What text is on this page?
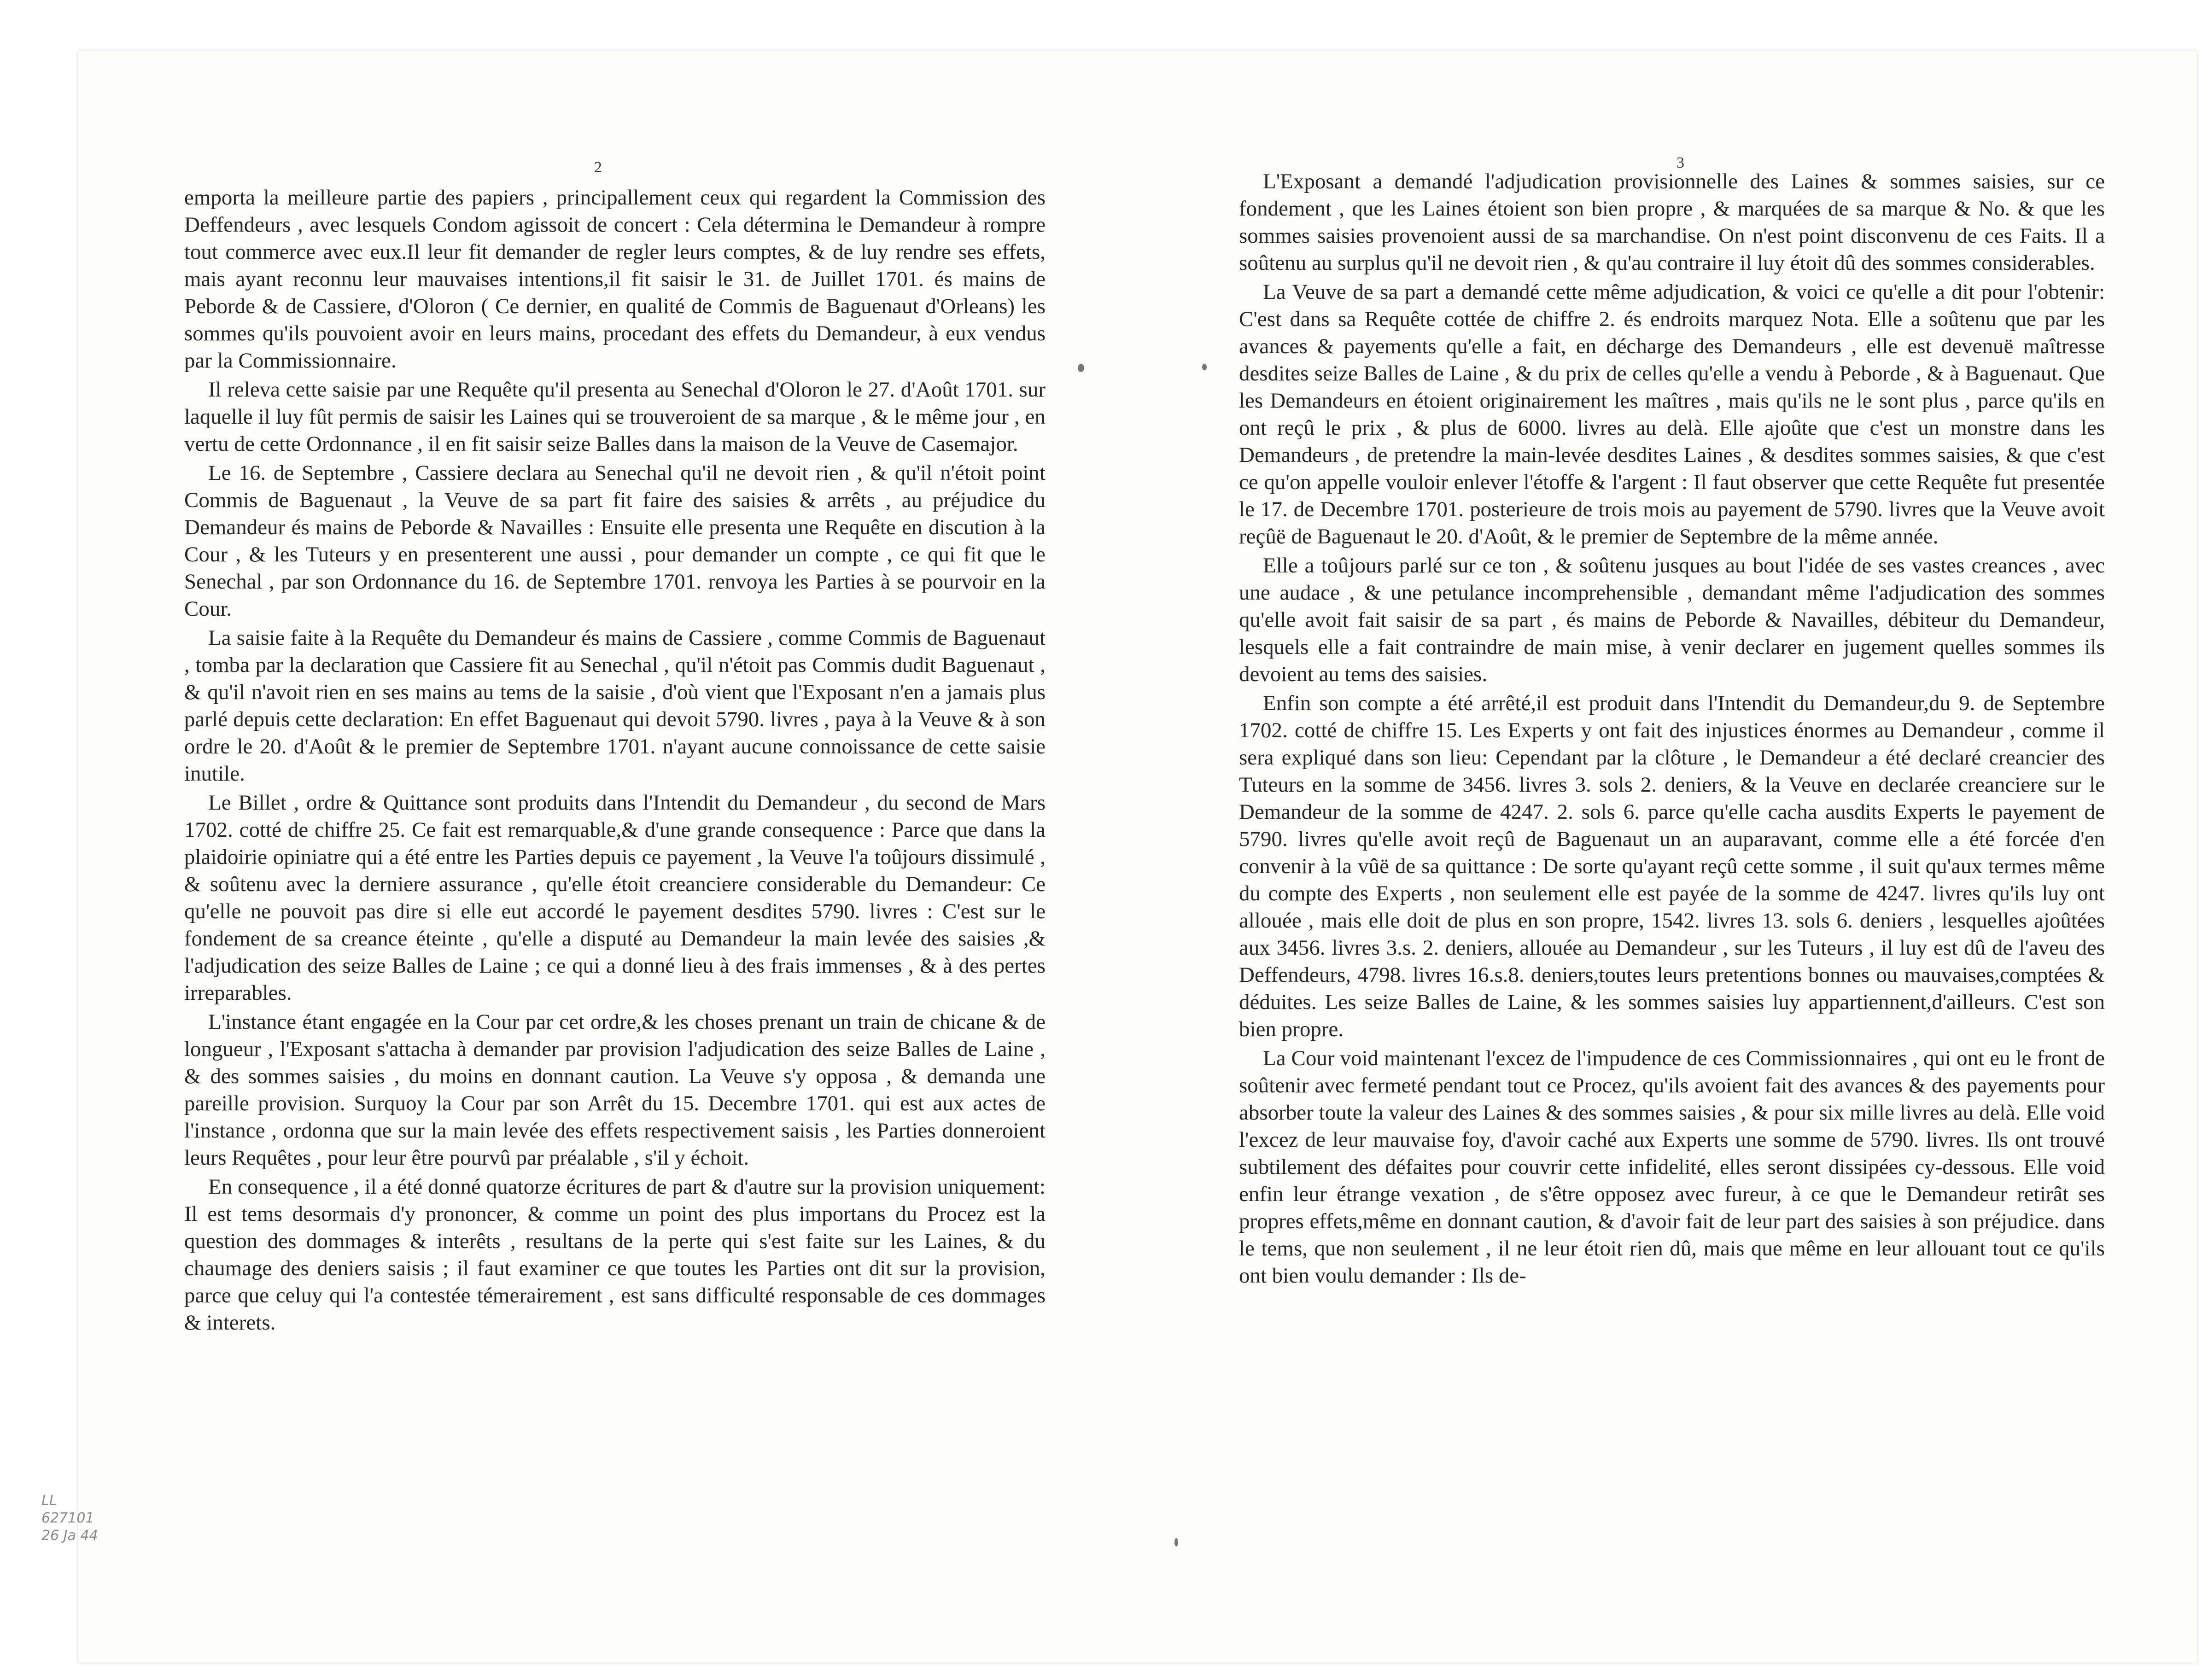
2

emporta la meilleure partie des papiers , principallement ceux qui regardent la Commission des Deffendeurs , avec lesquels Condom agissoit de concert : Cela détermina le Demandeur à rompre tout commerce avec eux.Il leur fit demander de regler leurs comptes, & de luy rendre ses effets, mais ayant reconnu leur mauvaises intentions,il fit saisir le 31. de Juillet 1701. és mains de Peborde & de Cassiere, d'Oloron ( Ce dernier, en qualité de Commis de Baguenaut d'Orleans) les sommes qu'ils pouvoient avoir en leurs mains, procedant des effets du Demandeur, à eux vendus par la Commissionnaire.

Il releva cette saisie par une Requête qu'il presenta au Senechal d'Oloron le 27. d'Août 1701. sur laquelle il luy fût permis de saisir les Laines qui se trouveroient de sa marque , & le même jour , en vertu de cette Ordonnance , il en fit saisir seize Balles dans la maison de la Veuve de Casemajor.

Le 16. de Septembre , Cassiere declara au Senechal qu'il ne devoit rien , & qu'il n'étoit point Commis de Baguenaut , la Veuve de sa part fit faire des saisies & arrêts , au préjudice du Demandeur és mains de Peborde & Navailles : Ensuite elle presenta une Requête en discution à la Cour , & les Tuteurs y en presenterent une aussi , pour demander un compte , ce qui fit que le Senechal , par son Ordonnance du 16. de Septembre 1701. renvoya les Parties à se pourvoir en la Cour.

La saisie faite à la Requête du Demandeur és mains de Cassiere , comme Commis de Baguenaut , tomba par la declaration que Cassiere fit au Senechal , qu'il n'étoit pas Commis dudit Baguenaut , & qu'il n'avoit rien en ses mains au tems de la saisie , d'où vient que l'Exposant n'en a jamais plus parlé depuis cette declaration: En effet Baguenaut qui devoit 5790. livres , paya à la Veuve & à son ordre le 20. d'Août & le premier de Septembre 1701. n'ayant aucune connoissance de cette saisie inutile.

Le Billet , ordre & Quittance sont produits dans l'Intendit du Demandeur , du second de Mars 1702. cotté de chiffre 25. Ce fait est remarquable,& d'une grande consequence : Parce que dans la plaidoirie opiniatre qui a été entre les Parties depuis ce payement , la Veuve l'a toûjours dissimulé , & soûtenu avec la derniere assurance , qu'elle étoit creanciere considerable du Demandeur: Ce qu'elle ne pouvoit pas dire si elle eut accordé le payement desdites 5790. livres : C'est sur le fondement de sa creance éteinte , qu'elle a disputé au Demandeur la main levée des saisies ,& l'adjudication des seize Balles de Laine ; ce qui a donné lieu à des frais immenses , & à des pertes irreparables.

L'instance étant engagée en la Cour par cet ordre,& les choses prenant un train de chicane & de longueur , l'Exposant s'attacha à demander par provision l'adjudication des seize Balles de Laine , & des sommes saisies , du moins en donnant caution. La Veuve s'y opposa , & demanda une pareille provision. Surquoy la Cour par son Arrêt du 15. Decembre 1701. qui est aux actes de l'instance , ordonna que sur la main levée des effets respectivement saisis , les Parties donneroient leurs Requêtes , pour leur être pourvû par préalable , s'il y échoit.

En consequence , il a été donné quatorze écritures de part & d'autre sur la provision uniquement: Il est tems desormais d'y prononcer, & comme un point des plus importans du Procez est la question des dommages & interêts , resultans de la perte qui s'est faite sur les Laines, & du chaumage des deniers saisis ; il faut examiner ce que toutes les Parties ont dit sur la provision, parce que celuy qui l'a contestée témerairement , est sans difficulté responsable de ces dommages & interets.

3

L'Exposant a demandé l'adjudication provisionnelle des Laines & sommes saisies, sur ce fondement , que les Laines étoient son bien propre , & marquées de sa marque & No. & que les sommes saisies provenoient aussi de sa marchandise. On n'est point disconvenu de ces Faits. Il a soûtenu au surplus qu'il ne devoit rien , & qu'au contraire il luy étoit dû des sommes considerables.

La Veuve de sa part a demandé cette même adjudication, & voici ce qu'elle a dit pour l'obtenir: C'est dans sa Requête cottée de chiffre 2. és endroits marquez Nota. Elle a soûtenu que par les avances & payements qu'elle a fait, en décharge des Demandeurs , elle est devenuë maîtresse desdites seize Balles de Laine , & du prix de celles qu'elle a vendu à Peborde , & à Baguenaut. Que les Demandeurs en étoient originairement les maîtres , mais qu'ils ne le sont plus , parce qu'ils en ont reçû le prix , & plus de 6000. livres au delà. Elle ajoûte que c'est un monstre dans les Demandeurs , de pretendre la main-levée desdites Laines , & desdites sommes saisies, & que c'est ce qu'on appelle vouloir enlever l'étoffe & l'argent : Il faut observer que cette Requête fut presentée le 17. de Decembre 1701. posterieure de trois mois au payement de 5790. livres que la Veuve avoit reçûë de Baguenaut le 20. d'Août, & le premier de Septembre de la même année.

Elle a toûjours parlé sur ce ton , & soûtenu jusques au bout l'idée de ses vastes creances , avec une audace , & une petulance incomprehensible , demandant même l'adjudication des sommes qu'elle avoit fait saisir de sa part , és mains de Peborde & Navailles, débiteur du Demandeur, lesquels elle a fait contraindre de main mise, à venir declarer en jugement quelles sommes ils devoient au tems des saisies.

Enfin son compte a été arrêté,il est produit dans l'Intendit du Demandeur,du 9. de Septembre 1702. cotté de chiffre 15. Les Experts y ont fait des injustices énormes au Demandeur , comme il sera expliqué dans son lieu: Cependant par la clôture , le Demandeur a été declaré creancier des Tuteurs en la somme de 3456. livres 3. sols 2. deniers, & la Veuve en declarée creanciere sur le Demandeur de la somme de 4247. 2. sols 6. parce qu'elle cacha ausdits Experts le payement de 5790. livres qu'elle avoit reçû de Baguenaut un an auparavant, comme elle a été forcée d'en convenir à la vûë de sa quittance : De sorte qu'ayant reçû cette somme , il suit qu'aux termes même du compte des Experts , non seulement elle est payée de la somme de 4247. livres qu'ils luy ont allouée , mais elle doit de plus en son propre, 1542. livres 13. sols 6. deniers , lesquelles ajoûtées aux 3456. livres 3.s. 2. deniers, allouée au Demandeur , sur les Tuteurs , il luy est dû de l'aveu des Deffendeurs, 4798. livres 16.s.8. deniers,toutes leurs pretentions bonnes ou mauvaises,comptées & déduites. Les seize Balles de Laine, & les sommes saisies luy appartiennent,d'ailleurs. C'est son bien propre.

La Cour void maintenant l'excez de l'impudence de ces Commissionnaires , qui ont eu le front de soûtenir avec fermeté pendant tout ce Procez, qu'ils avoient fait des avances & des payements pour absorber toute la valeur des Laines & des sommes saisies , & pour six mille livres au delà. Elle void l'excez de leur mauvaise foy, d'avoir caché aux Experts une somme de 5790. livres. Ils ont trouvé subtilement des défaites pour couvrir cette infidelité, elles seront dissipées cy-dessous. Elle void enfin leur étrange vexation , de s'être opposez avec fureur, à ce que le Demandeur retirât ses propres effets,même en donnant caution, & d'avoir fait de leur part des saisies à son préjudice. dans le tems, que non seulement , il ne leur étoit rien dû, mais que même en leur allouant tout ce qu'ils ont bien voulu demander : Ils de-

LL
627101
26 Ja 44
